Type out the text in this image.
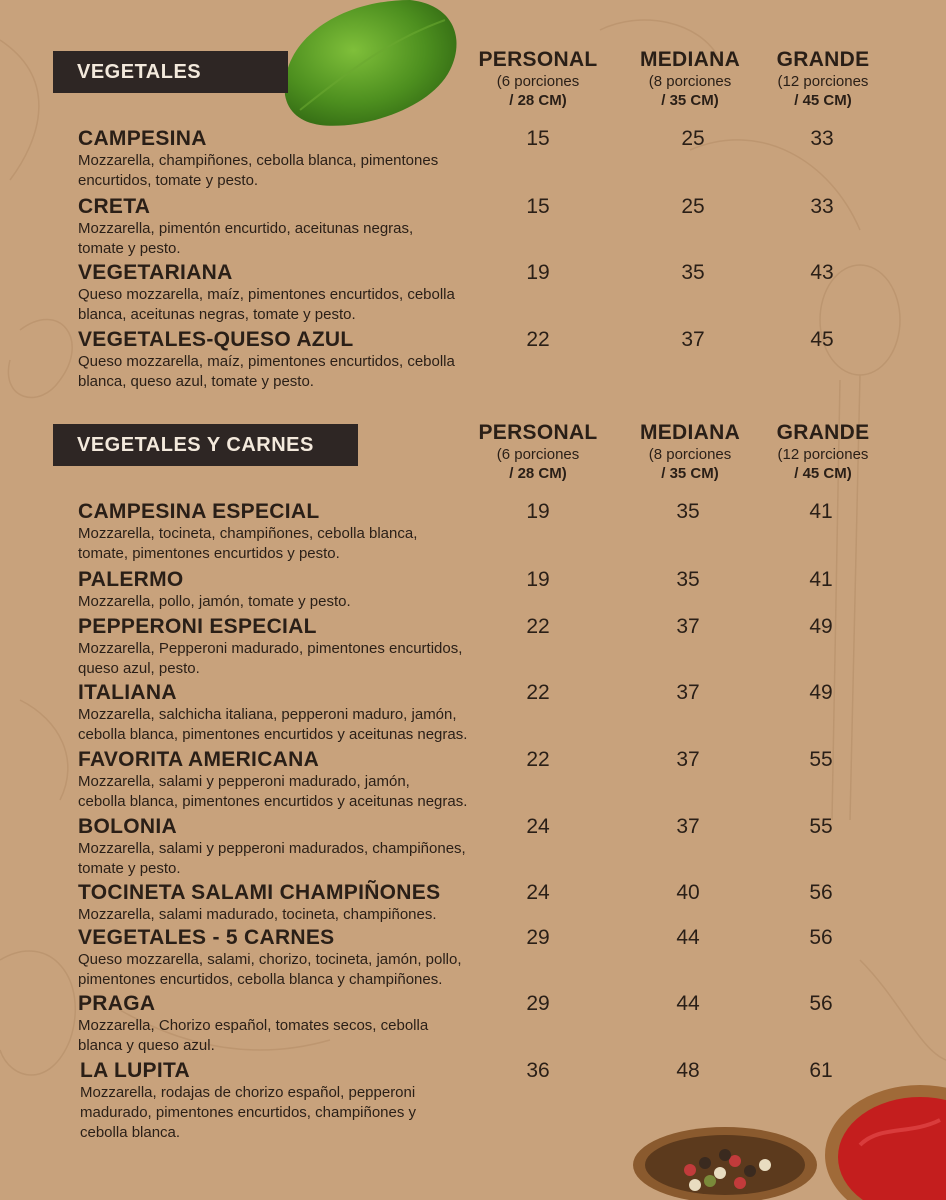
VEGETALES
PERSONAL
(6 porciones
/ 28 CM)
MEDIANA
(8 porciones
/ 35 CM)
GRANDE
(12 porciones
/ 45 CM)
CAMPESINA
Mozzarella, champiñones, cebolla blanca, pimentones
encurtidos, tomate y pesto.
15	25	33
CRETA
Mozzarella, pimentón encurtido, aceitunas negras,
tomate y pesto.
15	25	33
VEGETARIANA
Queso mozzarella, maíz, pimentones encurtidos, cebolla
blanca, aceitunas negras, tomate y pesto.
19	35	43
VEGETALES-QUESO AZUL
Queso mozzarella, maíz, pimentones encurtidos, cebolla
blanca, queso azul, tomate y pesto.
22	37	45
VEGETALES Y CARNES
PERSONAL
(6 porciones
/ 28 CM)
MEDIANA
(8 porciones
/ 35 CM)
GRANDE
(12 porciones
/ 45 CM)
CAMPESINA ESPECIAL
Mozzarella, tocineta, champiñones, cebolla blanca,
tomate, pimentones encurtidos y pesto.
19	35	41
PALERMO
Mozzarella, pollo, jamón, tomate y pesto.
19	35	41
PEPPERONI ESPECIAL
Mozzarella, Pepperoni madurado, pimentones encurtidos,
queso azul, pesto.
22	37	49
ITALIANA
Mozzarella, salchicha italiana, pepperoni maduro, jamón,
cebolla blanca, pimentones encurtidos y aceitunas negras.
22	37	49
FAVORITA AMERICANA
Mozzarella, salami y pepperoni madurado, jamón,
cebolla blanca, pimentones encurtidos y aceitunas negras.
22	37	55
BOLONIA
Mozzarella, salami y pepperoni madurados, champiñones,
tomate y pesto.
24	37	55
TOCINETA SALAMI CHAMPIÑONES
Mozzarella, salami madurado, tocineta, champiñones.
24	40	56
VEGETALES - 5 CARNES
Queso mozzarella, salami, chorizo, tocineta, jamón, pollo,
pimentones encurtidos, cebolla blanca y champiñones.
29	44	56
PRAGA
Mozzarella, Chorizo español, tomates secos, cebolla
blanca y queso azul.
29	44	56
LA LUPITA
Mozzarella, rodajas de chorizo español, pepperoni
madurado, pimentones encurtidos, champiñones y
cebolla blanca.
36	48	61
